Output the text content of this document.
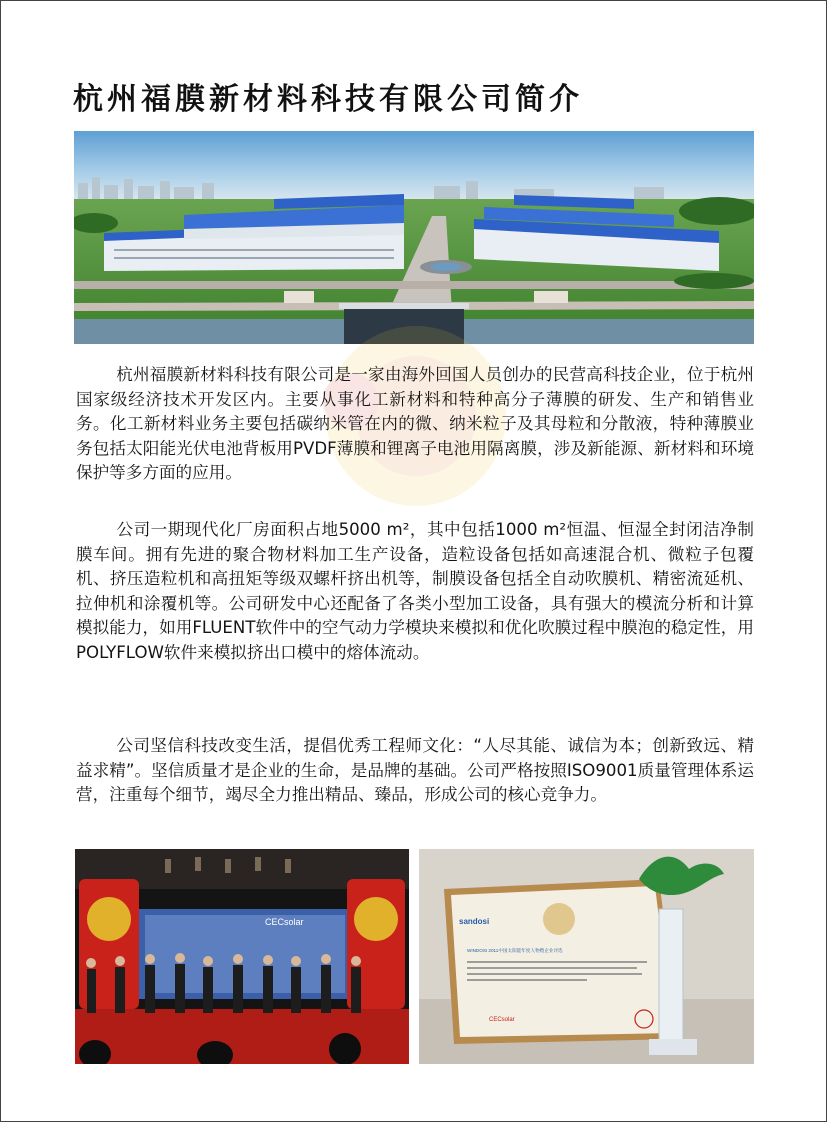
杭州福膜新材料科技有限公司简介

杭州福膜新材料科技有限公司是一家由海外回国人员创办的民营高科技企业，位于杭州国家级经济技术开发区内。主要从事化工新材料和特种高分子薄膜的研发、生产和销售业务。化工新材料业务主要包括碳纳米管在内的微、纳米粒子及其母粒和分散液，特种薄膜业务包括太阳能光伏电池背板用PVDF薄膜和锂离子电池用隔离膜，涉及新能源、新材料和环境保护等多方面的应用。

公司一期现代化厂房面积占地5000 m²，其中包括1000 m²恒温、恒湿全封闭洁净制膜车间。拥有先进的聚合物材料加工生产设备，造粒设备包括如高速混合机、微粒子包覆机、挤压造粒机和高扭矩等级双螺杆挤出机等，制膜设备包括全自动吹膜机、精密流延机、拉伸机和涂覆机等。公司研发中心还配备了各类小型加工设备，具有强大的模流分析和计算模拟能力，如用FLUENT软件中的空气动力学模块来模拟和优化吹膜过程中膜泡的稳定性，用POLYFLOW软件来模拟挤出口模中的熔体流动。

公司坚信科技改变生活，提倡优秀工程师文化：“人尽其能、诚信为本；创新致远、精益求精”。坚信质量才是企业的生命，是品牌的基础。公司严格按照ISO9001质量管理体系运营，注重每个细节，竭尽全力推出精品、臻品，形成公司的核心竞争力。

CECsolar	sandosi
WINDOSI 2011中国太阳能年度人物暨企业评选
CECsolar
